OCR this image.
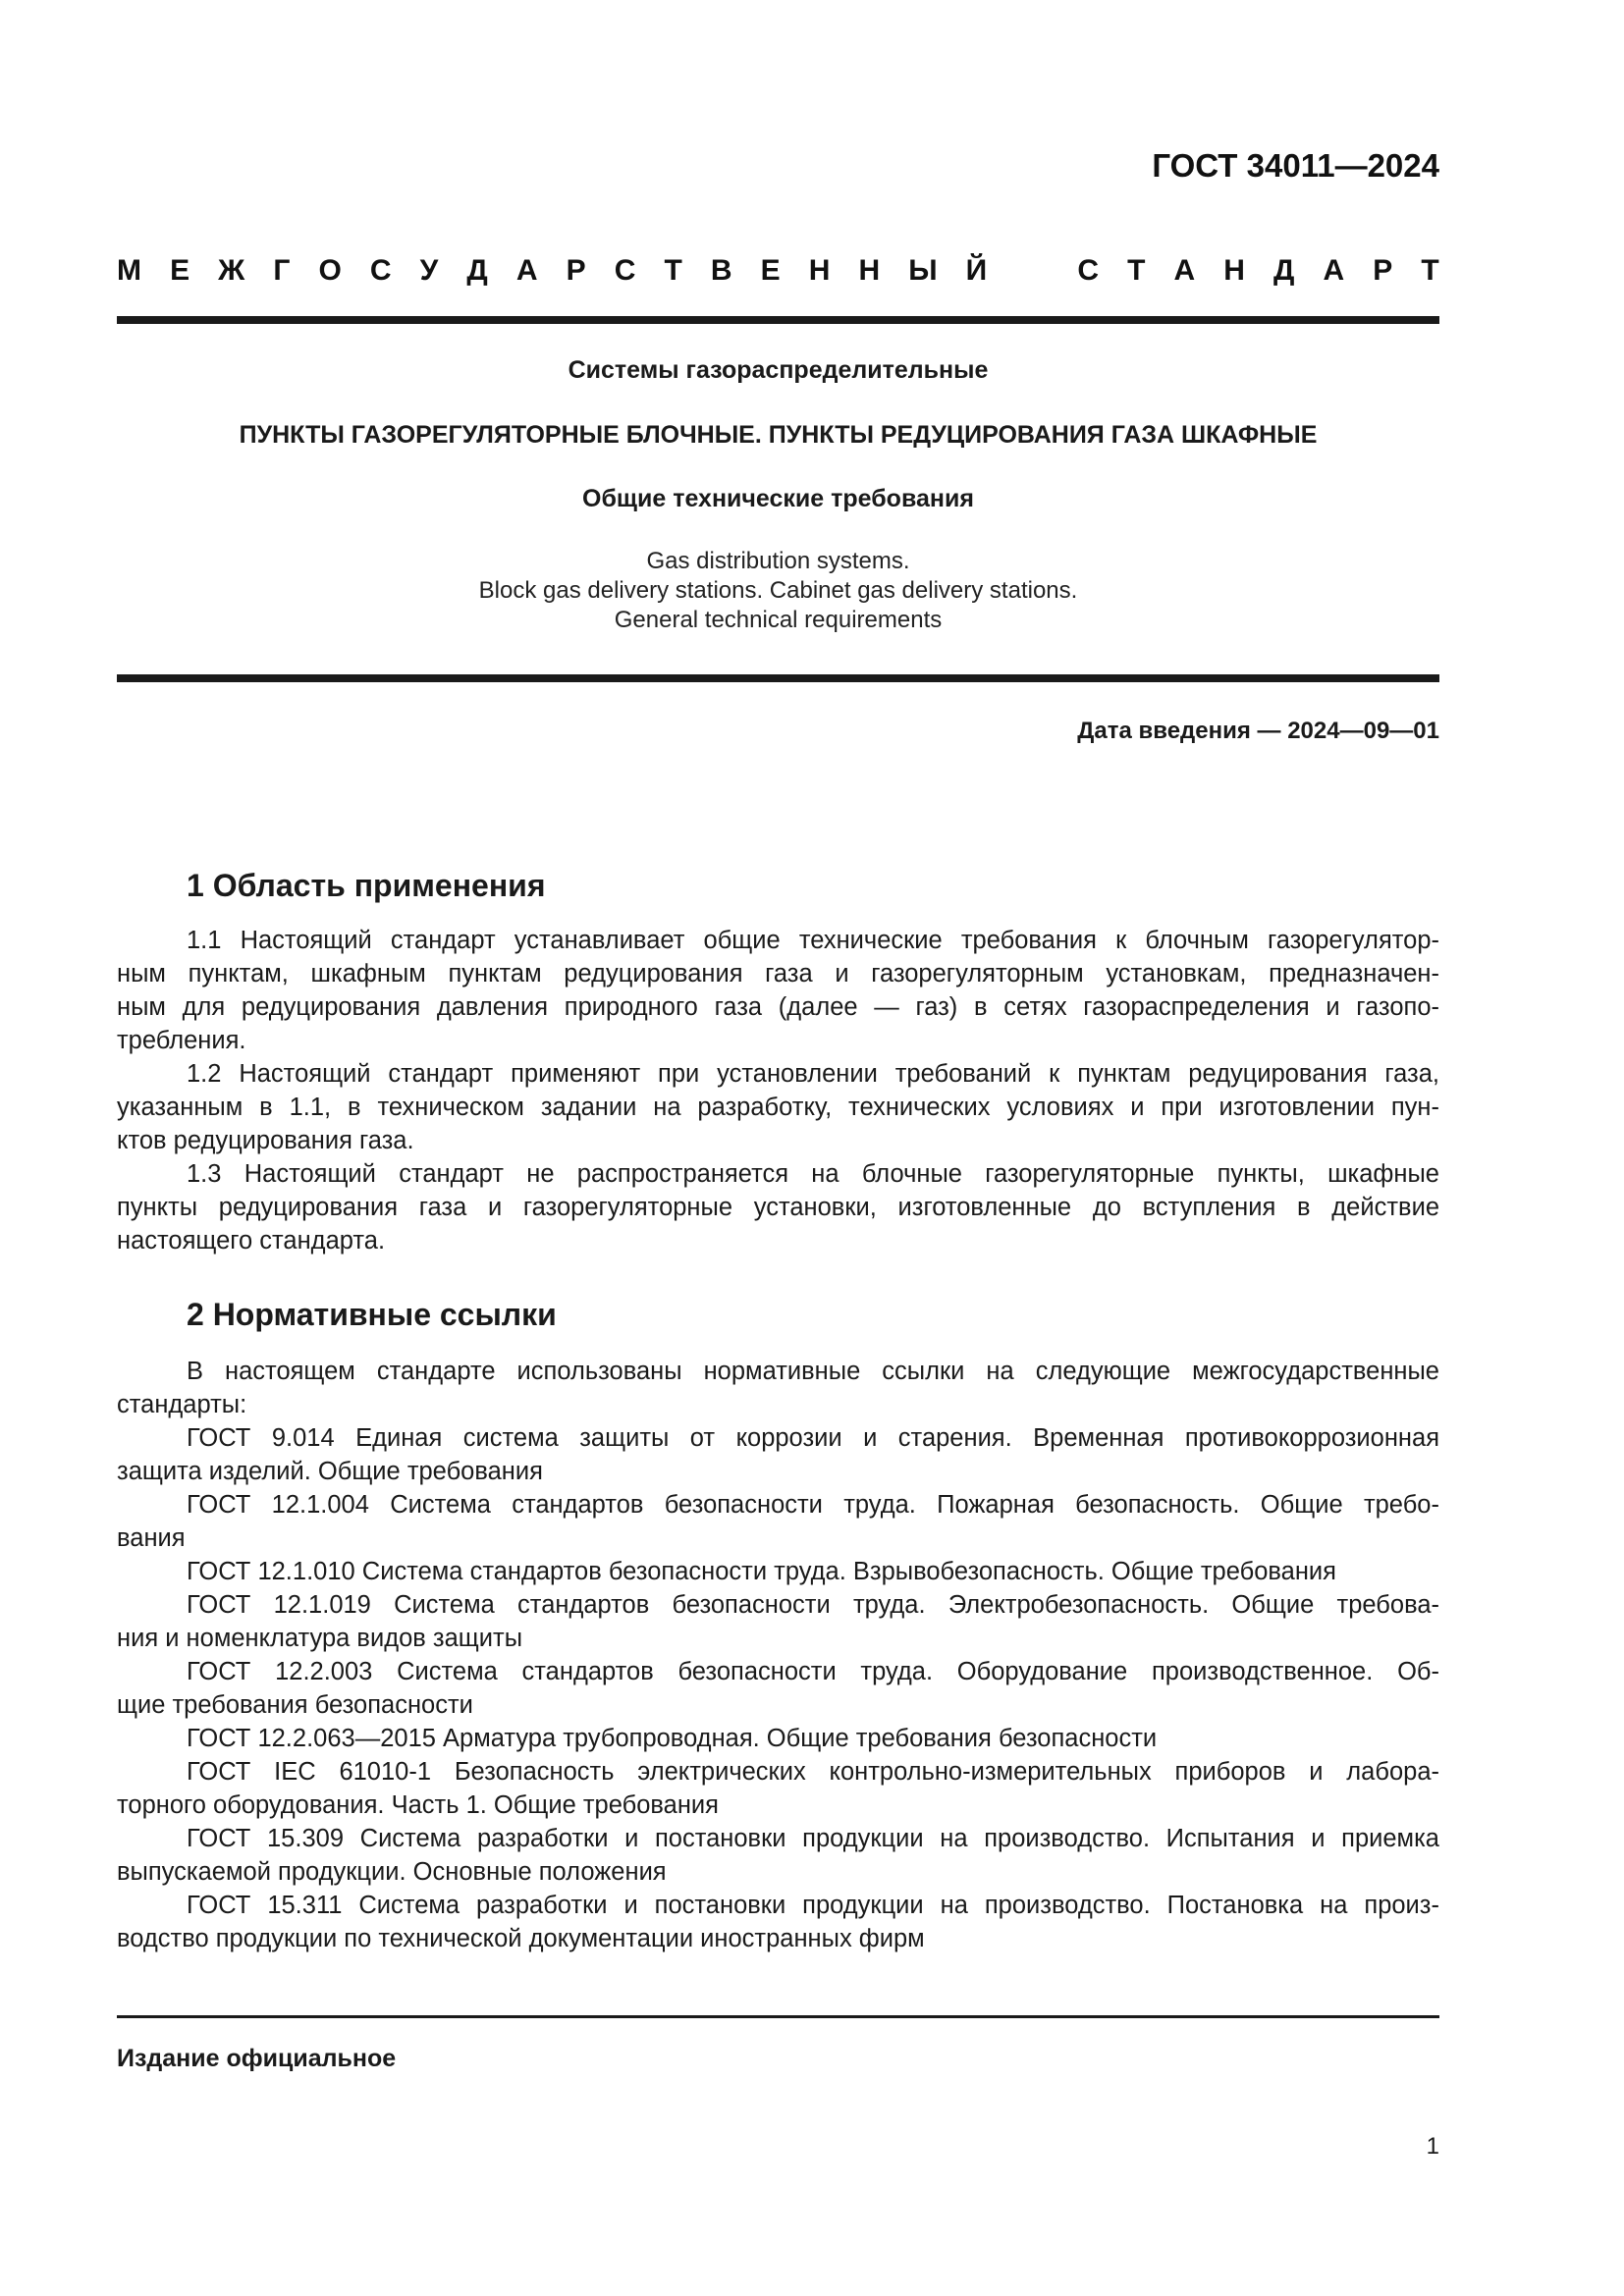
ГОСТ 34011—2024
М Е Ж Г О С У Д А Р С Т В Е Н Н Ы Й	С Т А Н Д А Р Т
Системы газораспределительные
ПУНКТЫ ГАЗОРЕГУЛЯТОРНЫЕ БЛОЧНЫЕ. ПУНКТЫ РЕДУЦИРОВАНИЯ ГАЗА ШКАФНЫЕ
Общие технические требования
Gas distribution systems.
Block gas delivery stations. Cabinet gas delivery stations.
General technical requirements
Дата введения — 2024—09—01
1 Область применения
1.1 Настоящий стандарт устанавливает общие технические требования к блочным газорегулятор-
ным пунктам, шкафным пунктам редуцирования газа и газорегуляторным установкам, предназначен-
ным для редуцирования давления природного газа (далее — газ) в сетях газораспределения и газопо-
требления.
1.2 Настоящий стандарт применяют при установлении требований к пунктам редуцирования газа,
указанным в 1.1, в техническом задании на разработку, технических условиях и при изготовлении пун-
ктов редуцирования газа.
1.3 Настоящий стандарт не распространяется на блочные газорегуляторные пункты, шкафные
пункты редуцирования газа и газорегуляторные установки, изготовленные до вступления в действие
настоящего стандарта.
2 Нормативные ссылки
В настоящем стандарте использованы нормативные ссылки на следующие межгосударственные
стандарты:
ГОСТ 9.014 Единая система защиты от коррозии и старения. Временная противокоррозионная
защита изделий. Общие требования
ГОСТ 12.1.004 Система стандартов безопасности труда. Пожарная безопасность. Общие требо-
вания
ГОСТ 12.1.010 Система стандартов безопасности труда. Взрывобезопасность. Общие требования
ГОСТ 12.1.019 Система стандартов безопасности труда. Электробезопасность. Общие требова-
ния и номенклатура видов защиты
ГОСТ 12.2.003 Система стандартов безопасности труда. Оборудование производственное. Об-
щие требования безопасности
ГОСТ 12.2.063—2015 Арматура трубопроводная. Общие требования безопасности
ГОСТ IEC 61010-1 Безопасность электрических контрольно-измерительных приборов и лабора-
торного оборудования. Часть 1. Общие требования
ГОСТ 15.309 Система разработки и постановки продукции на производство. Испытания и приемка
выпускаемой продукции. Основные положения
ГОСТ 15.311 Система разработки и постановки продукции на производство. Постановка на произ-
водство продукции по технической документации иностранных фирм
Издание официальное
1
